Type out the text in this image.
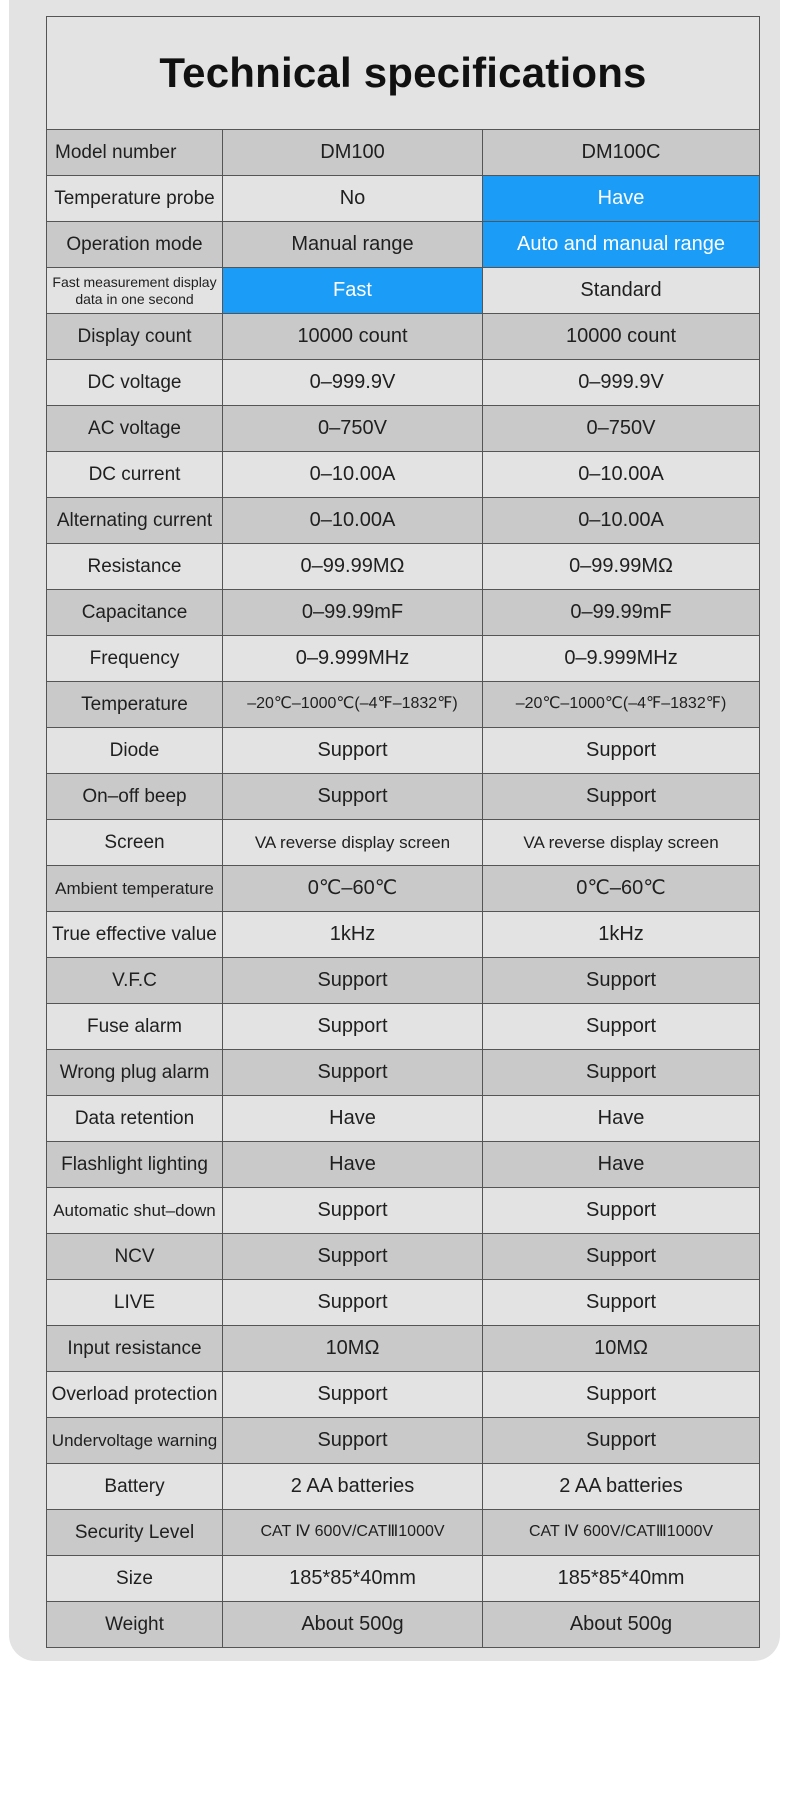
Technical specifications		
Model number	DM100	DM100C
Temperature probe	No	Have
Operation mode	Manual range	Auto and manual range
Fast measurement display data in one second	Fast	Standard
Display count	10000 count	10000 count
DC voltage	0–999.9V	0–999.9V
AC voltage	0–750V	0–750V
DC current	0–10.00A	0–10.00A
Alternating current	0–10.00A	0–10.00A
Resistance	0–99.99MΩ	0–99.99MΩ
Capacitance	0–99.99mF	0–99.99mF
Frequency	0–9.999MHz	0–9.999MHz
Temperature	–20℃–1000℃(–4℉–1832℉)	–20℃–1000℃(–4℉–1832℉)
Diode	Support	Support
On–off beep	Support	Support
Screen	VA reverse display screen	VA reverse display screen
Ambient temperature	0℃–60℃	0℃–60℃
True effective value	1kHz	1kHz
V.F.C	Support	Support
Fuse alarm	Support	Support
Wrong plug alarm	Support	Support
Data retention	Have	Have
Flashlight lighting	Have	Have
Automatic shut–down	Support	Support
NCV	Support	Support
LIVE	Support	Support
Input resistance	10MΩ	10MΩ
Overload protection	Support	Support
Undervoltage warning	Support	Support
Battery	2 AA batteries	2 AA batteries
Security Level	CAT Ⅳ 600V/CATⅢ1000V	CAT Ⅳ 600V/CATⅢ1000V
Size	185*85*40mm	185*85*40mm
Weight	About 500g	About 500g
